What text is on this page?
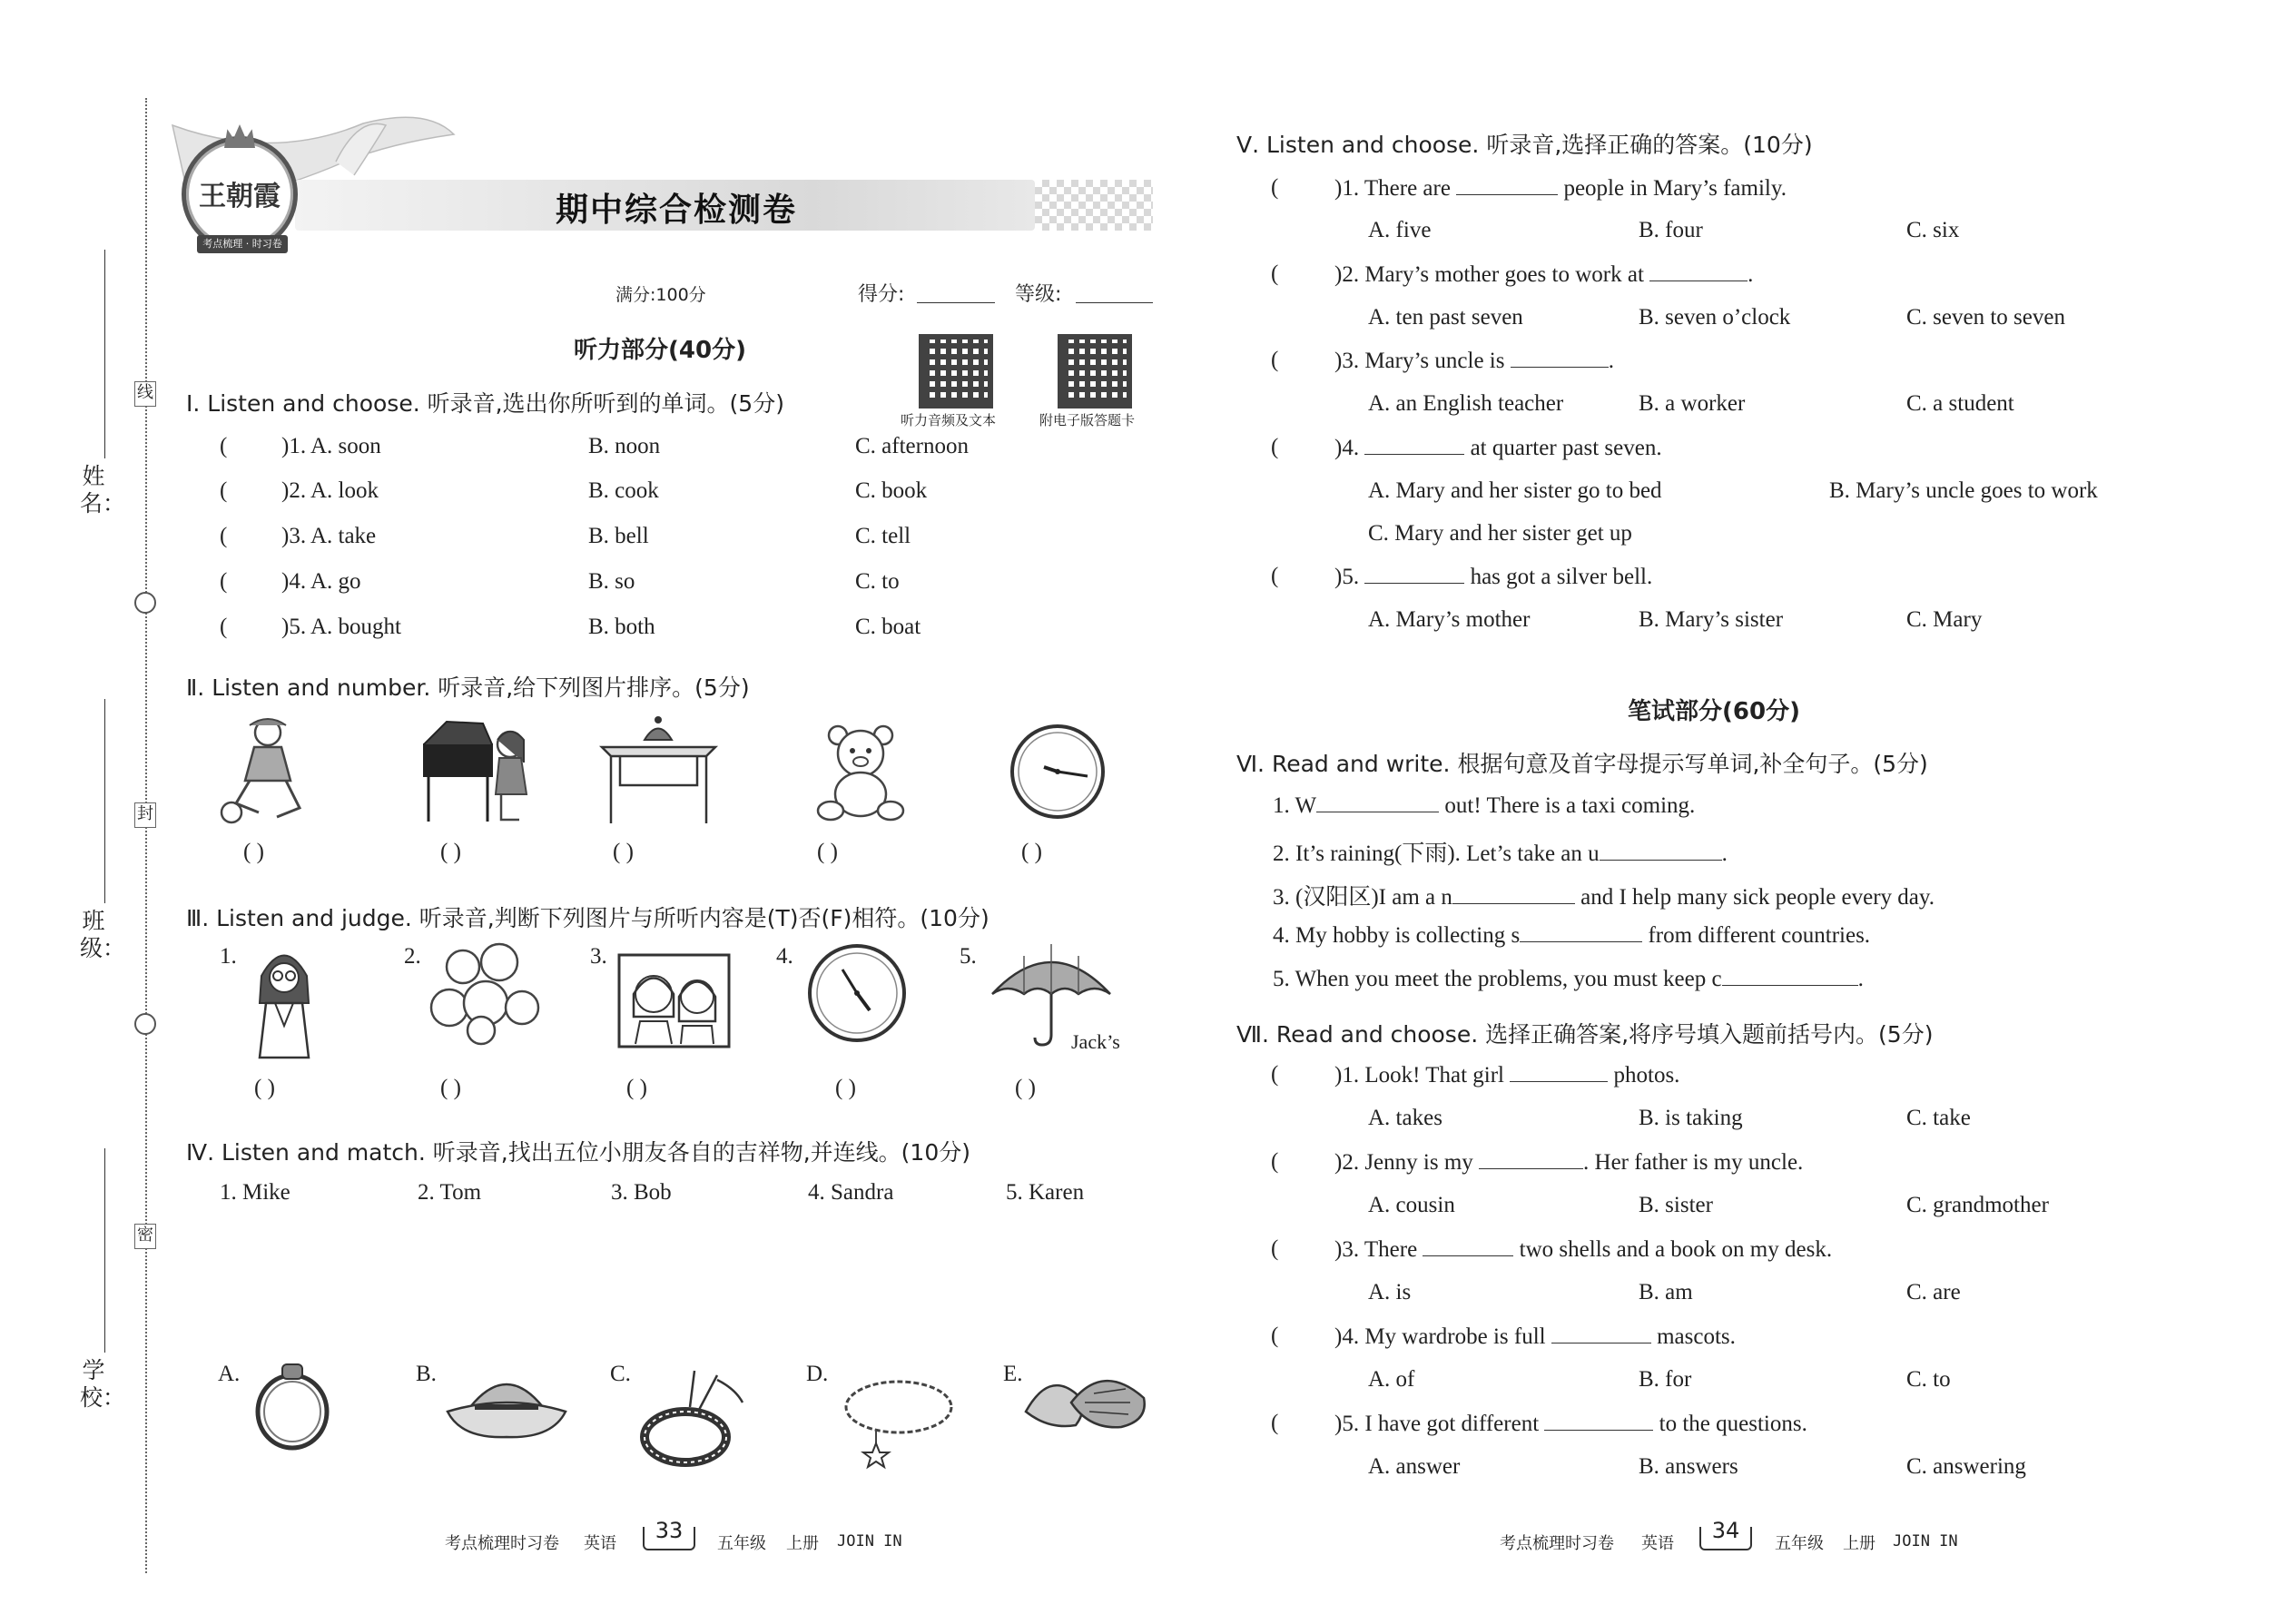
线
封
密
姓名：
班级：
学校：
王朝霞
考点梳理 · 时习卷
期中综合检测卷
满分:100分	得分:	等级:
听力音频及文本	附电子版答题卡
听力部分(40分)
Ⅰ. Listen and choose. 听录音,选出你所听到的单词。(5分)
( )1. A. soon	B. noon	C. afternoon
( )2. A. look	B. cook	C. book
( )3. A. take	B. bell	C. tell
( )4. A. go	B. so	C. to
( )5. A. bought	B. both	C. boat
Ⅱ. Listen and number. 听录音,给下列图片排序。(5分)
( )	( )	( )	( )	( )
Ⅲ. Listen and judge. 听录音,判断下列图片与所听内容是(T)否(F)相符。(10分)
1.	2.	3.	4.	5.
Jack’s
( )	( )	( )	( )	( )
Ⅳ. Listen and match. 听录音,找出五位小朋友各自的吉祥物,并连线。(10分)
1. Mike	2. Tom	3. Bob	4. Sandra	5. Karen
A.	B.	C.	D.	E.
考点梳理时习卷 英语
33
五年级 上册 JOIN IN
Ⅴ. Listen and choose. 听录音,选择正确的答案。(10分)
( )1. There are	people in Mary’s family.
A. five	B. four	C. six
( )2. Mary’s mother goes to work at	.
A. ten past seven	B. seven o’clock	C. seven to seven
( )3. Mary’s uncle is	.
A. an English teacher	B. a worker	C. a student
( )4.	at quarter past seven.
A. Mary and her sister go to bed	B. Mary’s uncle goes to work
C. Mary and her sister get up
( )5.	has got a silver bell.
A. Mary’s mother	B. Mary’s sister	C. Mary
笔试部分(60分)
Ⅵ. Read and write. 根据句意及首字母提示写单词,补全句子。(5分)
1. W	out! There is a taxi coming.
2. It’s raining(下雨). Let’s take an u	.
3. (汉阳区)I am a n	and I help many sick people every day.
4. My hobby is collecting s	from different countries.
5. When you meet the problems, you must keep c	.
Ⅶ. Read and choose. 选择正确答案,将序号填入题前括号内。(5分)
( )1. Look! That girl	photos.
A. takes	B. is taking	C. take
( )2. Jenny is my	. Her father is my uncle.
A. cousin	B. sister	C. grandmother
( )3. There	two shells and a book on my desk.
A. is	B. am	C. are
( )4. My wardrobe is full	mascots.
A. of	B. for	C. to
( )5. I have got different	to the questions.
A. answer	B. answers	C. answering
考点梳理时习卷 英语
34
五年级 上册 JOIN IN
